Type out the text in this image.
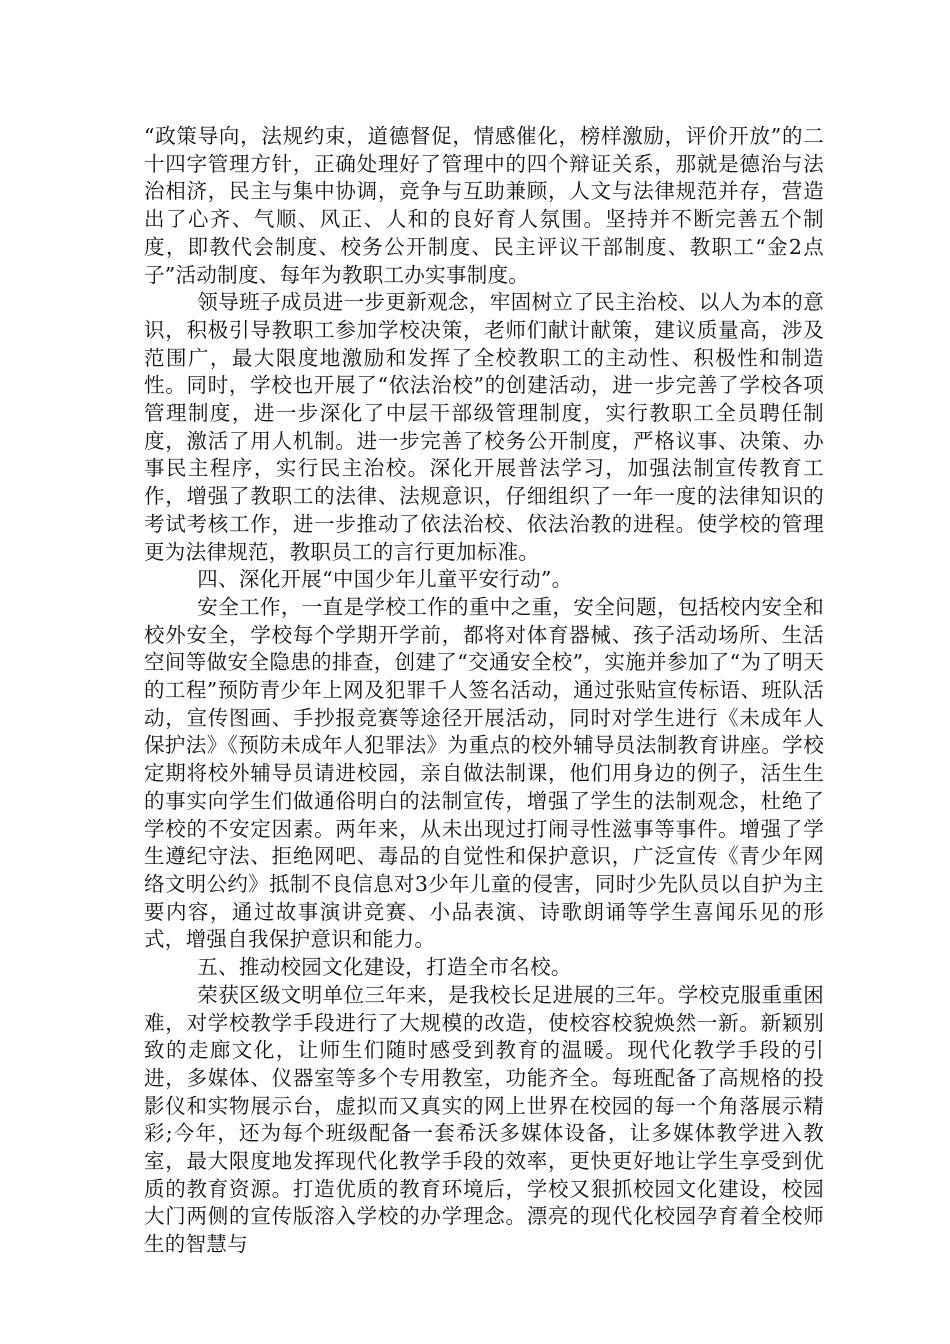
“政策导向，法规约束，道德督促，情感催化，榜样激励，评价开放”的二十四字管理方针，正确处理好了管理中的四个辩证关系，那就是德治与法治相济，民主与集中协调，竞争与互助兼顾，人文与法律规范并存，营造出了心齐、气顺、风正、人和的良好育人氛围。坚持并不断完善五个制度，即教代会制度、校务公开制度、民主评议干部制度、教职工“金2点子”活动制度、每年为教职工办实事制度。

领导班子成员进一步更新观念，牢固树立了民主治校、以人为本的意识，积极引导教职工参加学校决策，老师们献计献策，建议质量高，涉及范围广，最大限度地激励和发挥了全校教职工的主动性、积极性和制造性。同时，学校也开展了“依法治校”的创建活动，进一步完善了学校各项管理制度，进一步深化了中层干部级管理制度，实行教职工全员聘任制度，激活了用人机制。进一步完善了校务公开制度，严格议事、决策、办事民主程序，实行民主治校。深化开展普法学习，加强法制宣传教育工作，增强了教职工的法律、法规意识，仔细组织了一年一度的法律知识的考试考核工作，进一步推动了依法治校、依法治教的进程。使学校的管理更为法律规范，教职员工的言行更加标准。

四、深化开展“中国少年儿童平安行动”。

安全工作，一直是学校工作的重中之重，安全问题，包括校内安全和校外安全，学校每个学期开学前，都将对体育器械、孩子活动场所、生活空间等做安全隐患的排查，创建了“交通安全校”，实施并参加了“为了明天的工程”预防青少年上网及犯罪千人签名活动，通过张贴宣传标语、班队活动，宣传图画、手抄报竞赛等途径开展活动，同时对学生进行《未成年人保护法》《预防未成年人犯罪法》为重点的校外辅导员法制教育讲座。学校定期将校外辅导员请进校园，亲自做法制课，他们用身边的例子，活生生的事实向学生们做通俗明白的法制宣传，增强了学生的法制观念，杜绝了学校的不安定因素。两年来，从未出现过打闹寻性滋事等事件。增强了学生遵纪守法、拒绝网吧、毒品的自觉性和保护意识，广泛宣传《青少年网络文明公约》抵制不良信息对3少年儿童的侵害，同时少先队员以自护为主要内容，通过故事演讲竞赛、小品表演、诗歌朗诵等学生喜闻乐见的形式，增强自我保护意识和能力。

五、推动校园文化建设，打造全市名校。

荣获区级文明单位三年来，是我校长足进展的三年。学校克服重重困难，对学校教学手段进行了大规模的改造，使校容校貌焕然一新。新颖别致的走廊文化，让师生们随时感受到教育的温暖。现代化教学手段的引进，多媒体、仪器室等多个专用教室，功能齐全。每班配备了高规格的投影仪和实物展示台，虚拟而又真实的网上世界在校园的每一个角落展示精彩;今年，还为每个班级配备一套希沃多媒体设备，让多媒体教学进入教室，最大限度地发挥现代化教学手段的效率，更快更好地让学生享受到优质的教育资源。打造优质的教育环境后，学校又狠抓校园文化建设，校园大门两侧的宣传版溶入学校的办学理念。漂亮的现代化校园孕育着全校师生的智慧与
